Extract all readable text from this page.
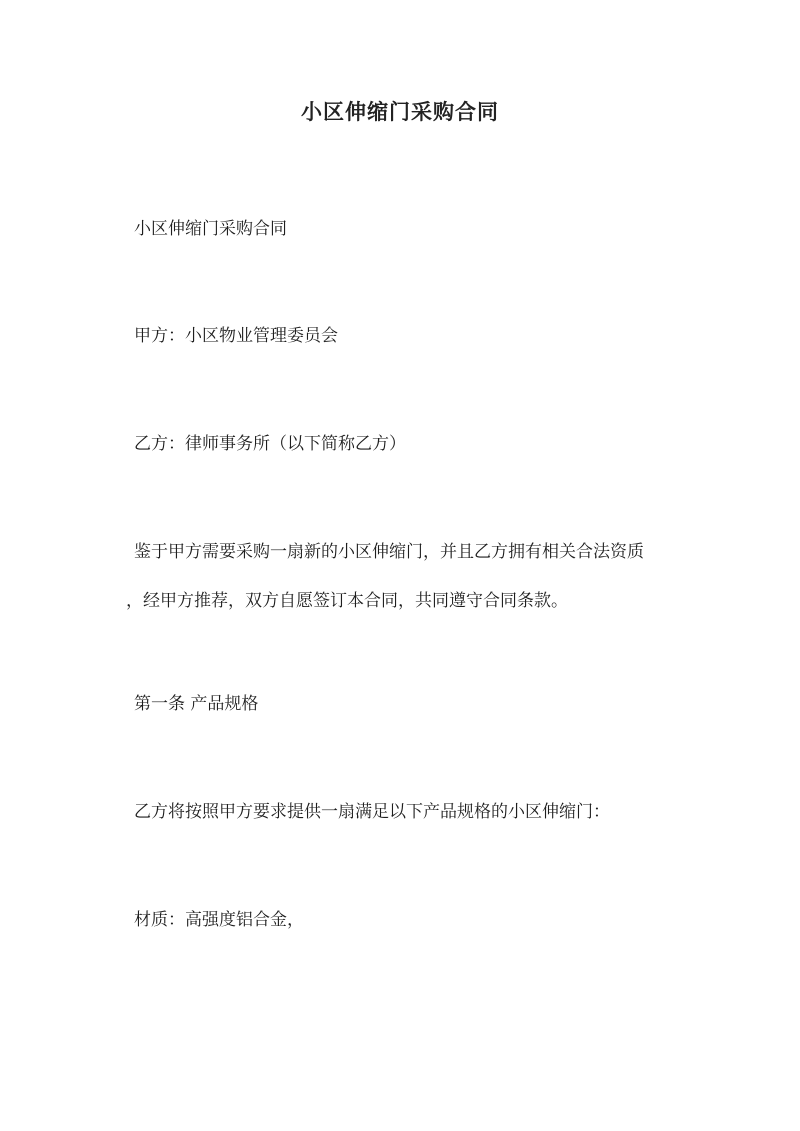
小区伸缩门采购合同
小区伸缩门采购合同
甲方：小区物业管理委员会
乙方：律师事务所（以下简称乙方）
鉴于甲方需要采购一扇新的小区伸缩门，并且乙方拥有相关合法资质
，经甲方推荐，双方自愿签订本合同，共同遵守合同条款。
第一条 产品规格
乙方将按照甲方要求提供一扇满足以下产品规格的小区伸缩门：
材质：高强度铝合金，
